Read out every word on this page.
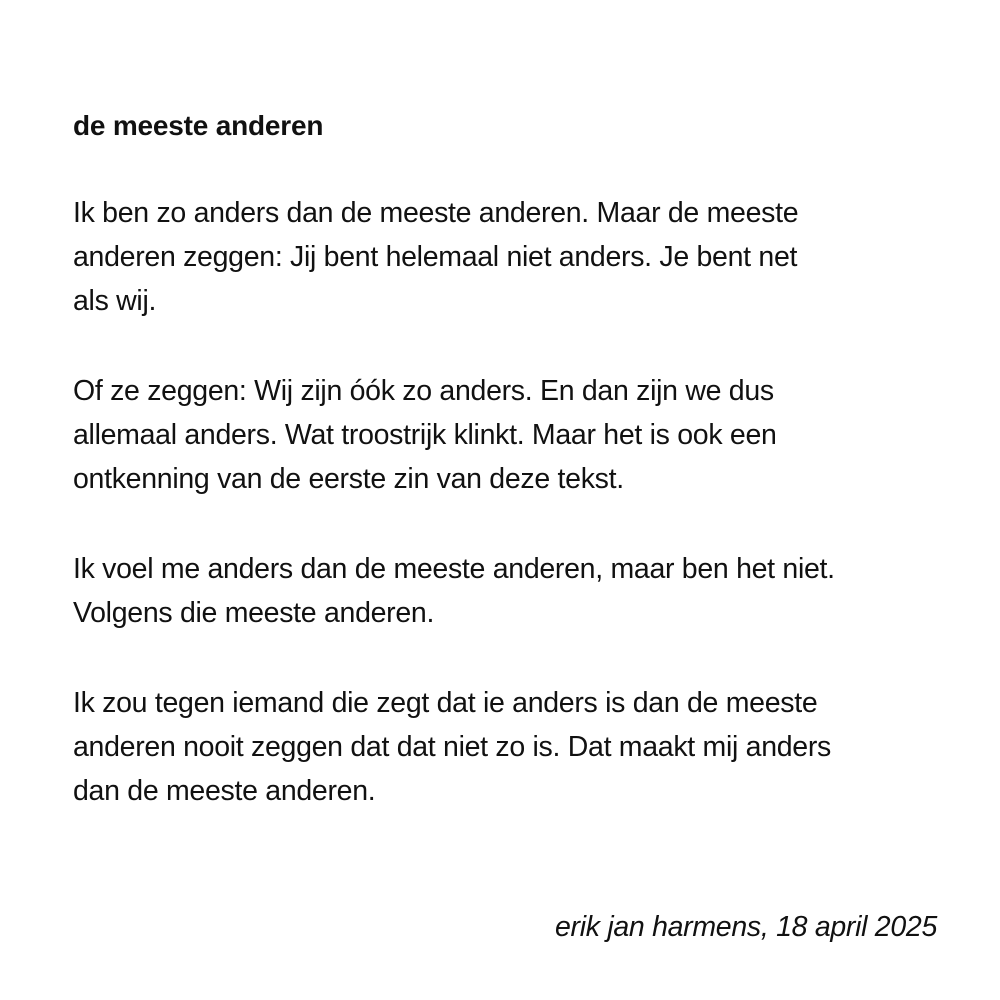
de meeste anderen

Ik ben zo anders dan de meeste anderen. Maar de meeste
anderen zeggen: Jij bent helemaal niet anders. Je bent net
als wij.

Of ze zeggen: Wij zijn óók zo anders. En dan zijn we dus
allemaal anders. Wat troostrijk klinkt. Maar het is ook een
ontkenning van de eerste zin van deze tekst.

Ik voel me anders dan de meeste anderen, maar ben het niet.
Volgens die meeste anderen.

Ik zou tegen iemand die zegt dat ie anders is dan de meeste
anderen nooit zeggen dat dat niet zo is. Dat maakt mij anders
dan de meeste anderen.

erik jan harmens, 18 april 2025
